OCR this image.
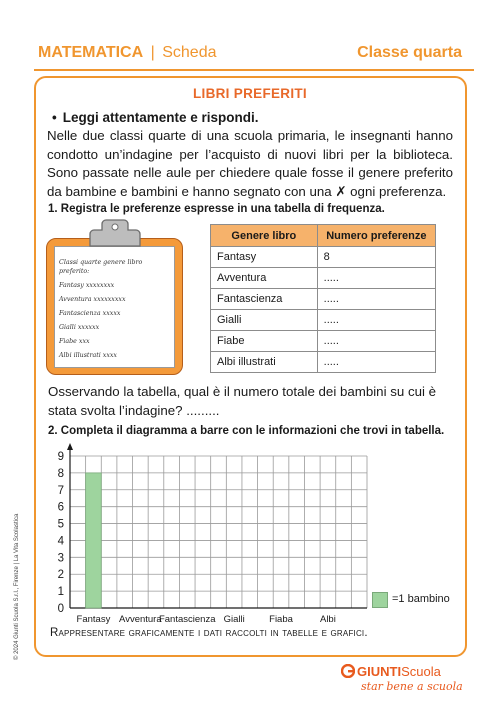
MATEMATICA | Scheda	Classe quarta
LIBRI PREFERITI
• Leggi attentamente e rispondi.
Nelle due classi quarte di una scuola primaria, le insegnanti hanno condotto un’indagine per l’acquisto di nuovi libri per la biblioteca. Sono passate nelle aule per chiedere quale fosse il genere preferito da bambine e bambini e hanno segnato con una ✗ ogni preferenza.
1. Registra le preferenze espresse in una tabella di frequenza.
Classi quarte genere libro
preferito:
Fantasy xxxxxxxx
Avventura xxxxxxxxx
Fantascienza xxxxx
Gialli xxxxxx
Fiabe xxx
Albi illustrati xxxx
Genere libro	Numero preferenze
Fantasy	8
Avventura	.....
Fantascienza	.....
Gialli	.....
Fiabe	.....
Albi illustrati	.....
Osservando la tabella, qual è il numero totale dei bambini su cui è stata svolta l’indagine? .........
2. Completa il diagramma a barre con le informazioni che trovi in tabella.
0
1
2
3
4
5
6
7
8
9
Fantasy Avventura
Fantascienza Gialli	Fiaba	Albi
=1 bambino
Rappresentare graficamente i dati raccolti in tabelle e grafici.
© 2024 Giunti Scuola S.r.l., Firenze | La Vita Scolastica
GIUNTIScuola
star bene a scuola
